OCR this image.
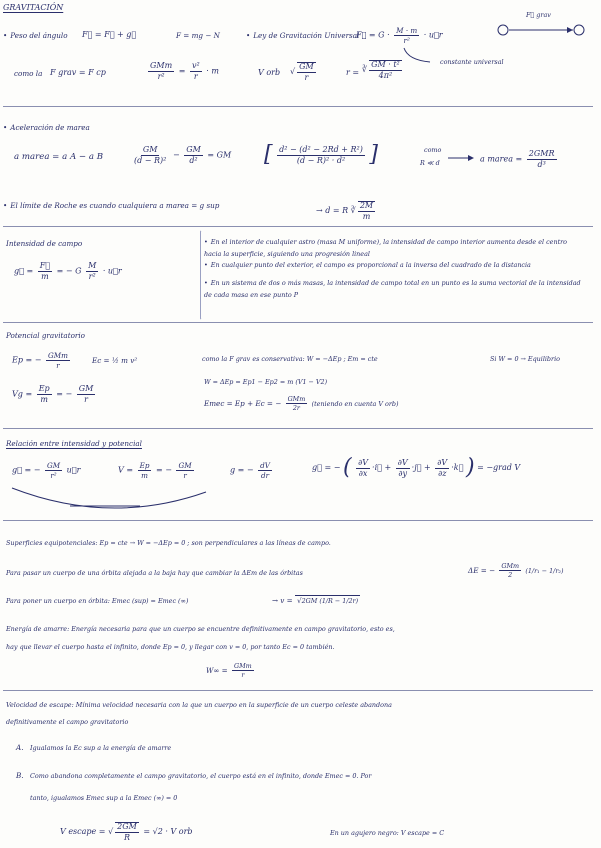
GRAVITACIÓN
• Peso del ángulo F⃗ = F⃗ + g⃗	F = mg − N
•	Ley de Gravitación Universal
F⃗ = $G \cdot \frac{M \cdot m}{\text{r²}}$ · u⃗r
F⃗ grav
constante universal
como la F grav = F cp	$\frac{\text{GMm}}{\text{r²}} = \frac{\text{v²}}{r} \cdot m$	V orb √ $\frac{GM}{r}$	r = ∛ $\frac{\text{GM · t²}}{\text{4π²}}$
• Aceleración de marea
a marea = a A − a B	$\frac{GM}{\text{(d − R)²}} - \frac{GM}{\text{d²}}$ = GM [ $\frac{\text{d² − (d² − 2Rd + R²)}}{\text{(d − R)² · d²}}$ ]	como
R ≪ d	a marea = $\frac{\text{2GMR}}{\text{d³}}$
• El límite de Roche es cuando cualquiera a marea = g sup
→ d = R ∛ $\frac{2M}{m}$
Intensidad de campo
g⃗ = $\frac{F⃗}{m}$ = − G $\frac{M}{\text{r²}}$ · u⃗r
• En el interior de cualquier astro (masa M uniforme), la intensidad de campo interior aumenta desde el centro hacia la superficie, siguiendo una progresión lineal
• En cualquier punto del exterior, el campo es proporcional a la inversa del cuadrado de la distancia
• En un sistema de dos o más masas, la intensidad de campo total en un punto es la suma vectorial de la intensidad de cada masa en ese punto P
Potencial gravitatorio
Ep = − $\frac{\text{GMm}}{r}$	Ec = ½ m v²
$Vg = \frac{Ep}{m}$ = − $\frac{GM}{r}$
como la F grav es conservativa: W = −ΔEp ; Em = cte	Si W = 0 → Equilibrio
W = ΔEp = Ep1 − Ep2 = m (V1 − V2)
Emec = Ep + Ec = − $\frac{\text{GMm}}{2r}$ (teniendo en cuenta V orb)
Relación entre intensidad y potencial
g⃗ = − $\frac{GM}{\text{r²}}$ u⃗r	$V = \frac{Ep}{m}$ = − $\frac{GM}{r}$	g = − $\frac{dV}{dr}$	g⃗ = − ( $\frac{\partial V}{\partial x}$ ·i⃗ + $\frac{\partial V}{\partial y}$ ·j⃗ + $\frac{\partial V}{\partial z}$ ·k⃗ ) = −grad V
Superficies equipotenciales: Ep = cte → W = −ΔEp = 0 ; son perpendiculares a las líneas de campo.
Para pasar un cuerpo de una órbita alejada a la baja hay que cambiar la ΔEm de las órbitas	ΔE = − $\frac{\text{GMm}}{2} (1/r_1 - 1/r_2)$
Para poner un cuerpo en órbita: Emec (sup) = Emec (∞)	→ v = √2GM (1/R − 1/2r)
Energía de amarre: Energía necesaria para que un cuerpo se encuentre definitivamente en campo gravitatorio, esto es,
hay que llevar el cuerpo hasta el infinito, donde Ep = 0, y llegar con v = 0, por tanto Ec = 0 también.
$W\infty = \frac{\text{GMm}}{r}$
Velocidad de escape: Mínima velocidad necesaria con la que un cuerpo en la superficie de un cuerpo celeste abandona
definitivamente el campo gravitatorio
A. Igualamos la Ec sup a la energía de amarre
B. Como abandona completamente el campo gravitatorio, el cuerpo está en el infinito, donde Emec = 0. Por
tanto, igualamos Emec sup a la Emec (∞) = 0
V escape = √ $\frac{2GM}{R} = √2 \cdot V$ orb	En un agujero negro: V escape = C
